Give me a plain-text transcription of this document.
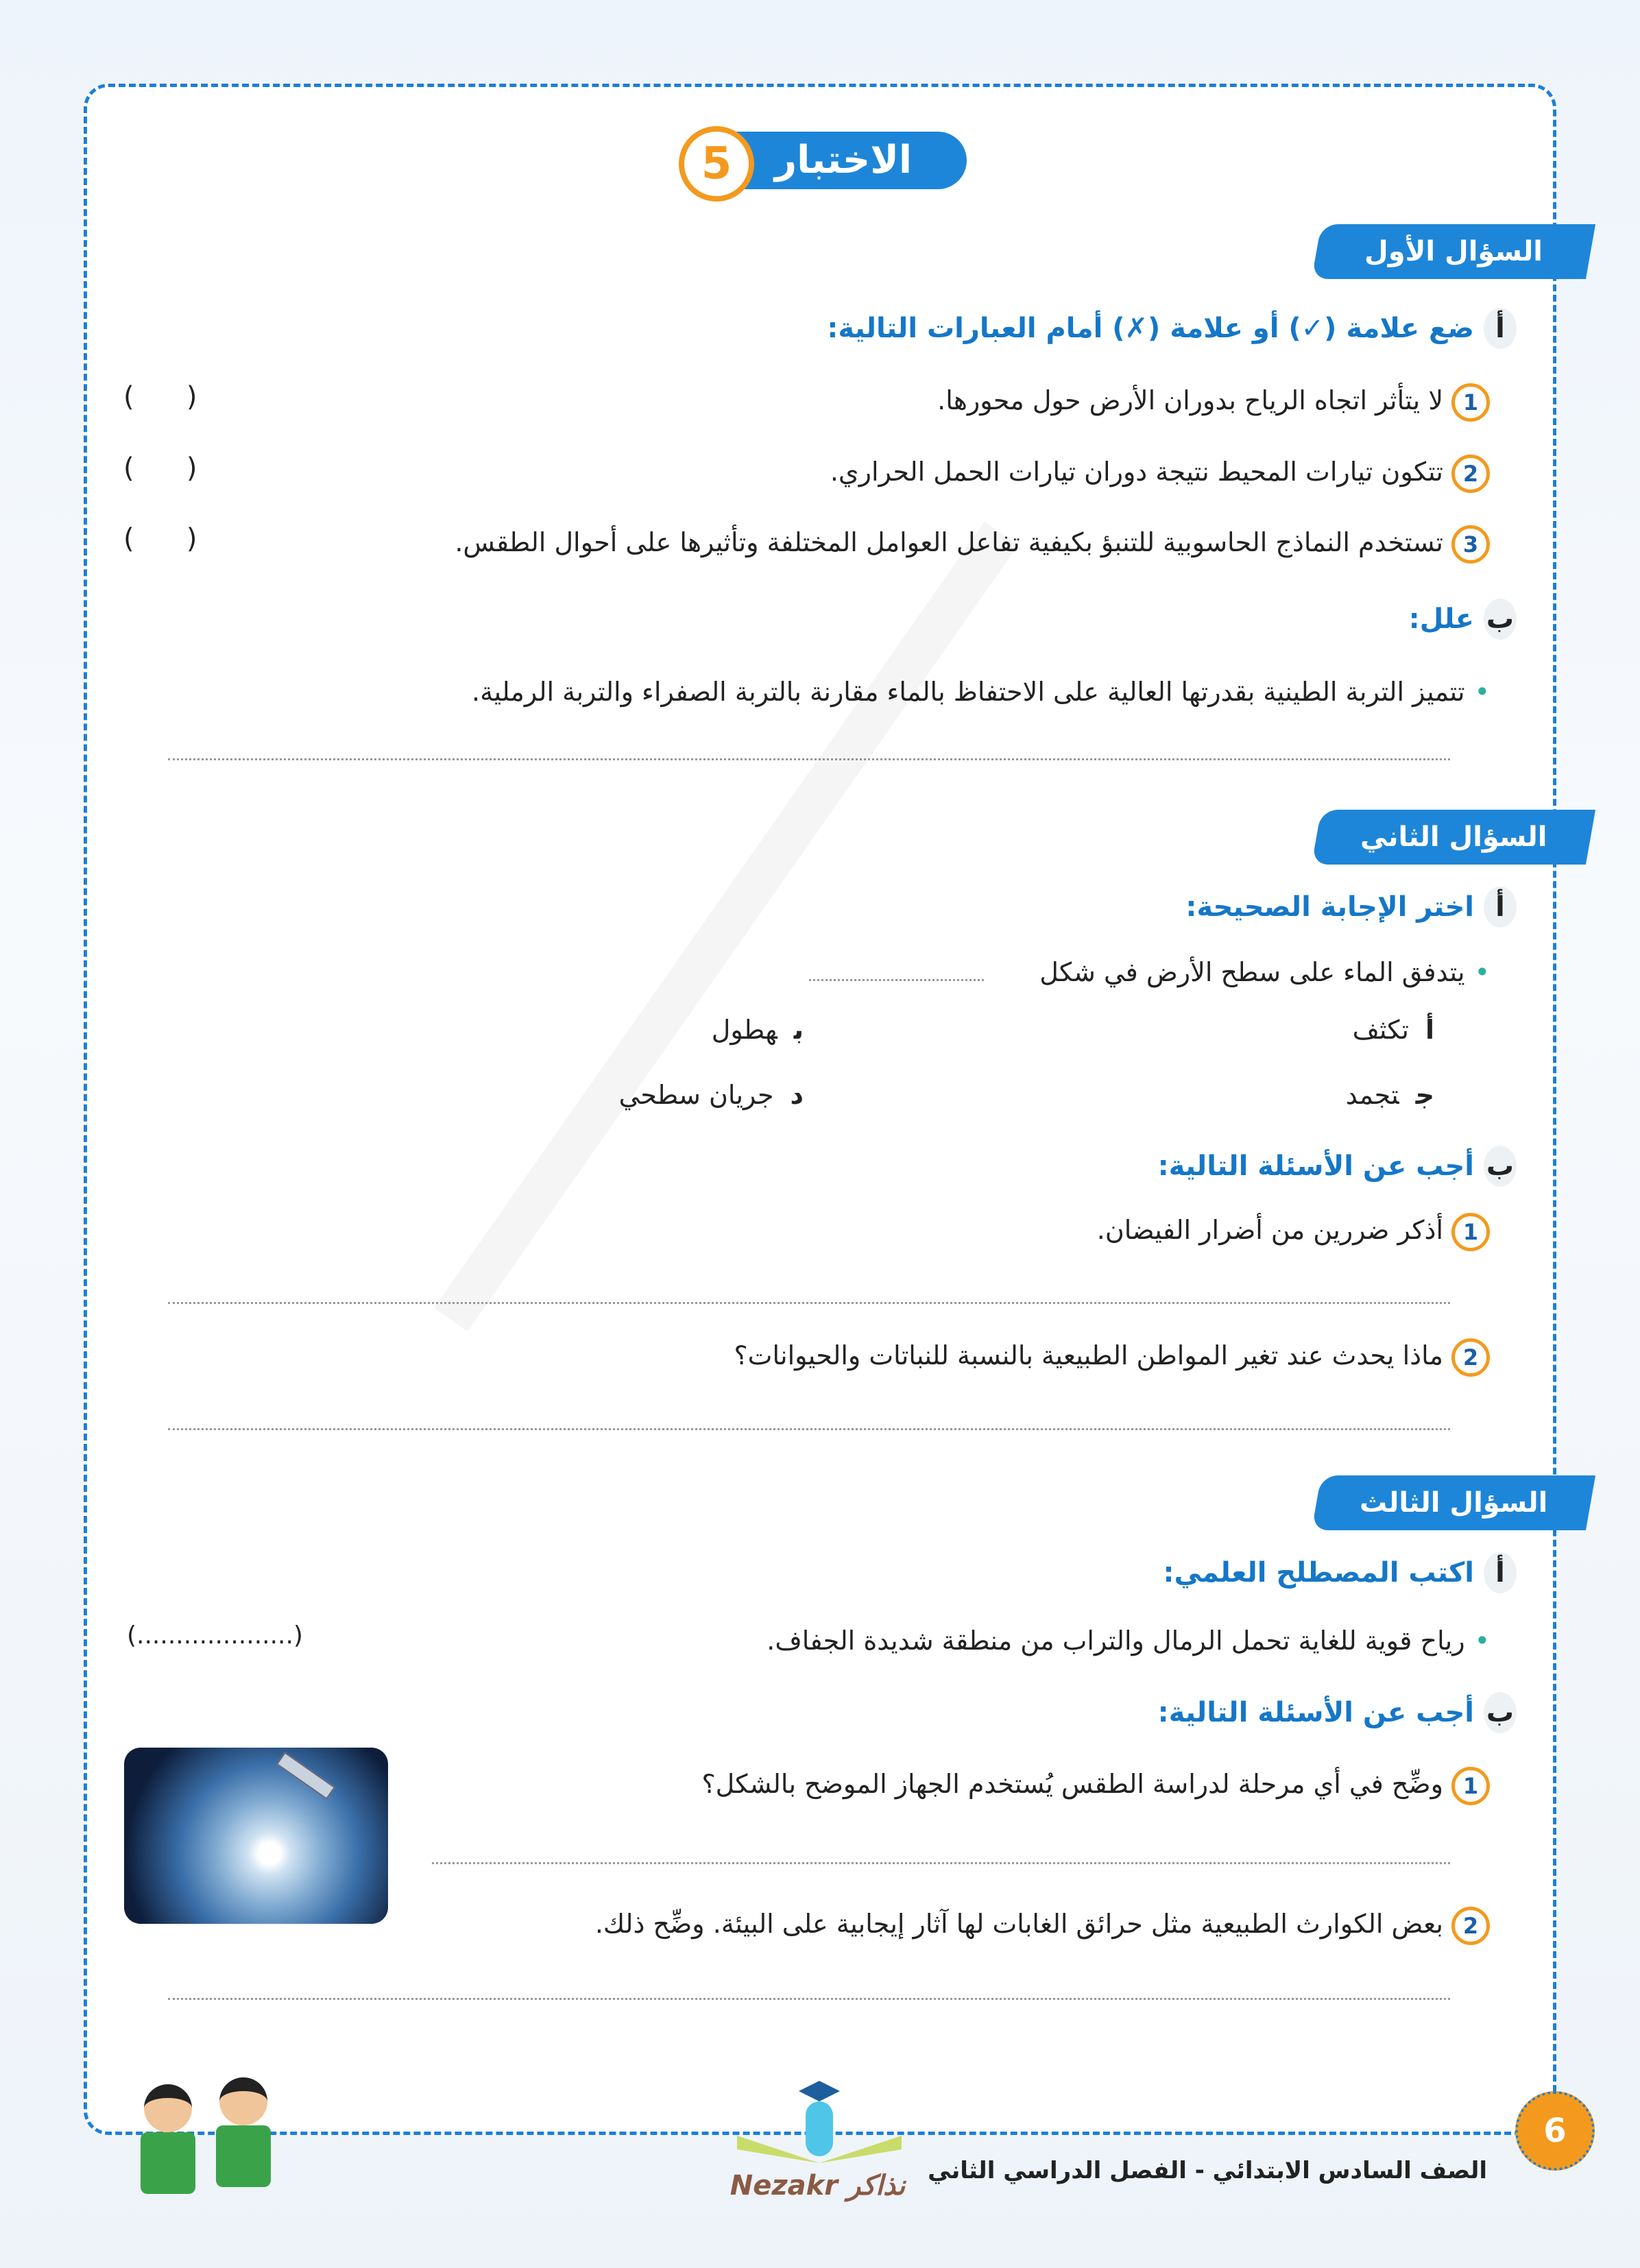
الاختبار
5
السؤال الأول
أضع علامة (✓) أو علامة (✗) أمام العبارات التالية:
1لا يتأثر اتجاه الرياح بدوران الأرض حول محورها.
2تتكون تيارات المحيط نتيجة دوران تيارات الحمل الحراري.
3تستخدم النماذج الحاسوبية للتنبؤ بكيفية تفاعل العوامل المختلفة وتأثيرها على أحوال الطقس.
(      )
(      )
(      )
بعلل:
•تتميز التربة الطينية بقدرتها العالية على الاحتفاظ بالماء مقارنة بالتربة الصفراء والتربة الرملية.
السؤال الثاني
أاختر الإجابة الصحيحة:
•يتدفق الماء على سطح الأرض في شكل
أتكثف
بهطول
جتجمد
دجريان سطحي
بأجب عن الأسئلة التالية:
1أذكر ضررين من أضرار الفيضان.
2ماذا يحدث عند تغير المواطن الطبيعية بالنسبة للنباتات والحيوانات؟
السؤال الثالث
أاكتب المصطلح العلمي:
•رياح قوية للغاية تحمل الرمال والتراب من منطقة شديدة الجفاف.
(....................)
بأجب عن الأسئلة التالية:
1وضِّح في أي مرحلة لدراسة الطقس يُستخدم الجهاز الموضح بالشكل؟
2بعض الكوارث الطبيعية مثل حرائق الغابات لها آثار إيجابية على البيئة. وضِّح ذلك.
Nezakr نذاكر الصف السادس الابتدائي - الفصل الدراسي الثاني
6
